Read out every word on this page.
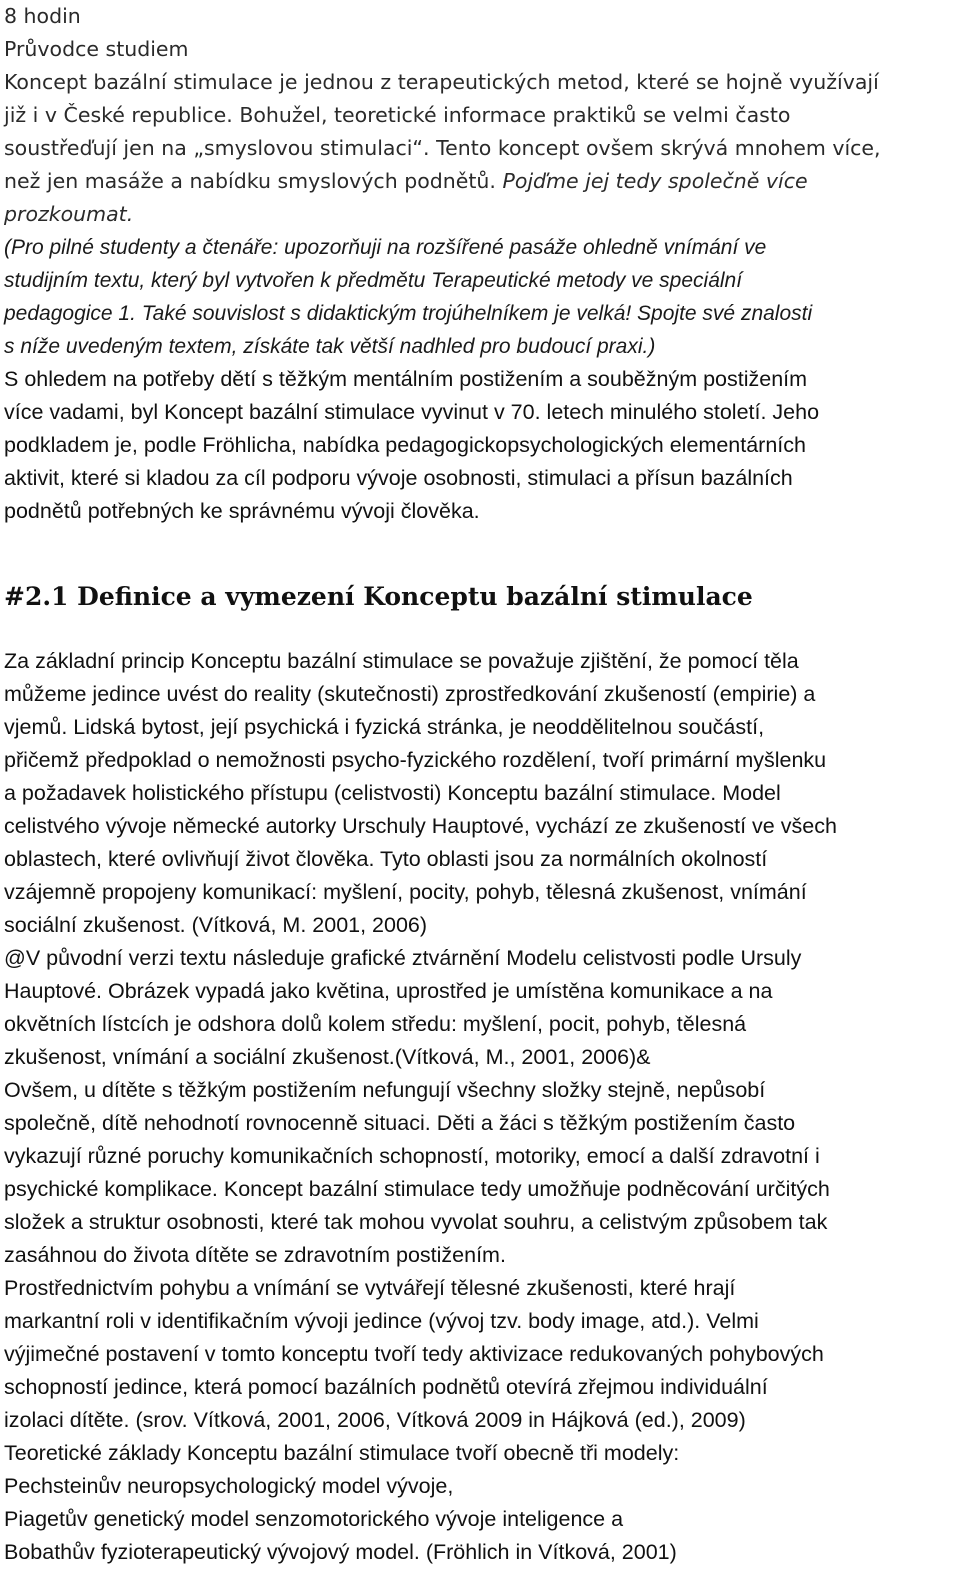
8 hodin
Průvodce studiem
Koncept bazální stimulace je jednou z terapeutických metod, které se hojně využívají
již i v České republice. Bohužel, teoretické informace praktiků se velmi často
soustřeďují jen na „smyslovou stimulaci“. Tento koncept ovšem skrývá mnohem více,
než jen masáže a nabídku smyslových podnětů. Pojďme jej tedy společně více
prozkoumat.
(Pro pilné studenty a čtenáře: upozorňuji na rozšířené pasáže ohledně vnímání ve
studijním textu, který byl vytvořen k předmětu Terapeutické metody ve speciální
pedagogice 1. Také souvislost s didaktickým trojúhelníkem je velká! Spojte své znalosti
s níže uvedeným textem, získáte tak větší nadhled pro budoucí praxi.)
S ohledem na potřeby dětí s těžkým mentálním postižením a souběžným postižením
více vadami, byl Koncept bazální stimulace vyvinut v 70. letech minulého století. Jeho
podkladem je, podle Fröhlicha, nabídka pedagogickopsychologických elementárních
aktivit, které si kladou za cíl podporu vývoje osobnosti, stimulaci a přísun bazálních
podnětů potřebných ke správnému vývoji člověka.
#2.1 Definice a vymezení Konceptu bazální stimulace
Za základní princip Konceptu bazální stimulace se považuje zjištění, že pomocí těla
můžeme jedince uvést do reality (skutečnosti) zprostředkování zkušeností (empirie) a
vjemů. Lidská bytost, její psychická i fyzická stránka, je neoddělitelnou součástí,
přičemž předpoklad o nemožnosti psycho-fyzického rozdělení, tvoří primární myšlenku
a požadavek holistického přístupu (celistvosti) Konceptu bazální stimulace. Model
celistvého vývoje německé autorky Urschuly Hauptové, vychází ze zkušeností ve všech
oblastech, které ovlivňují život člověka. Tyto oblasti jsou za normálních okolností
vzájemně propojeny komunikací: myšlení, pocity, pohyb, tělesná zkušenost, vnímání
sociální zkušenost. (Vítková, M. 2001, 2006)
@V původní verzi textu následuje grafické ztvárnění Modelu celistvosti podle Ursuly
Hauptové. Obrázek vypadá jako květina, uprostřed je umístěna komunikace a na
okvětních lístcích je odshora dolů kolem středu: myšlení, pocit, pohyb, tělesná
zkušenost, vnímání a sociální zkušenost.(Vítková, M., 2001, 2006)&
Ovšem, u dítěte s těžkým postižením nefungují všechny složky stejně, nepůsobí
společně, dítě nehodnotí rovnocenně situaci. Děti a žáci s těžkým postižením často
vykazují různé poruchy komunikačních schopností, motoriky, emocí a další zdravotní i
psychické komplikace. Koncept bazální stimulace tedy umožňuje podněcování určitých
složek a struktur osobnosti, které tak mohou vyvolat souhru, a celistvým způsobem tak
zasáhnou do života dítěte se zdravotním postižením.
Prostřednictvím pohybu a vnímání se vytvářejí tělesné zkušenosti, které hrají
markantní roli v identifikačním vývoji jedince (vývoj tzv. body image, atd.). Velmi
výjimečné postavení v tomto konceptu tvoří tedy aktivizace redukovaných pohybových
schopností jedince, která pomocí bazálních podnětů otevírá zřejmou individuální
izolaci dítěte. (srov. Vítková, 2001, 2006, Vítková 2009 in Hájková (ed.), 2009)
Teoretické základy Konceptu bazální stimulace tvoří obecně tři modely:
Pechsteinův neuropsychologický model vývoje,
Piagetův genetický model senzomotorického vývoje inteligence a
Bobathův fyzioterapeutický vývojový model. (Fröhlich in Vítková, 2001)
